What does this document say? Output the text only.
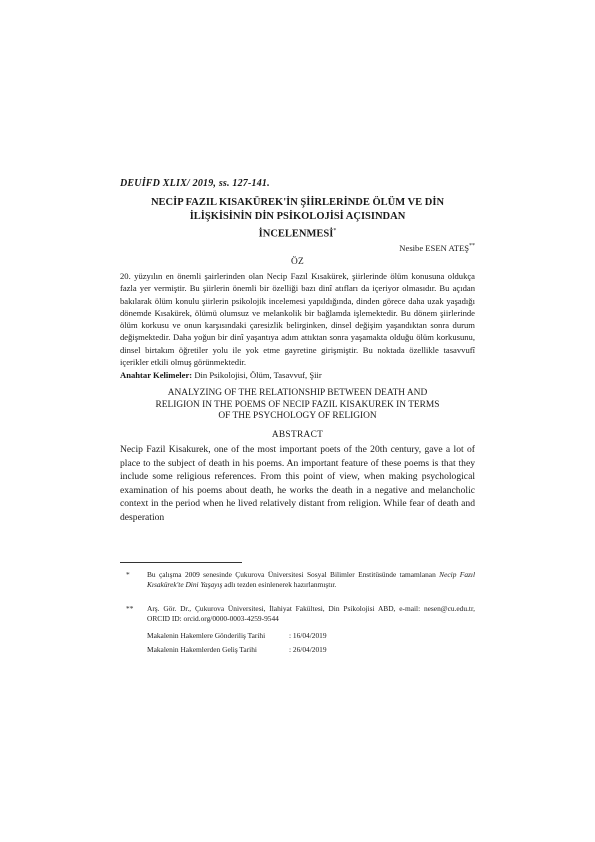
DEUİFD XLIX/ 2019, ss. 127-141.
NECİP FAZIL KISAKÜREK'İN ŞİİRLERİNDE ÖLÜM VE DİN
İLİŞKİSİNİN DİN PSİKOLOJİSİ AÇISINDAN
İNCELENMESİ*
Nesibe ESEN ATEŞ**
ÖZ

20. yüzyılın en önemli şairlerinden olan Necip Fazıl Kısakürek, şiirlerinde ölüm konusuna oldukça fazla yer vermiştir. Bu şiirlerin önemli bir özelliği bazı dinî atıfları da içeriyor olmasıdır. Bu açıdan bakılarak ölüm konulu şiirlerin psikolojik incelemesi yapıldığında, dinden görece daha uzak yaşadığı dönemde Kısakürek, ölümü olumsuz ve melankolik bir bağlamda işlemektedir. Bu dönem şiirlerinde ölüm korkusu ve onun karşısındaki çaresizlik belirginken, dinsel değişim yaşandıktan sonra durum değişmektedir. Daha yoğun bir dinî yaşantıya adım attıktan sonra yaşamakta olduğu ölüm korkusunu, dinsel birtakım öğretiler yolu ile yok etme gayretine girişmiştir. Bu noktada özellikle tasavvufî içerikler etkili olmuş görünmektedir.

Anahtar Kelimeler: Din Psikolojisi, Ölüm, Tasavvuf, Şiir
ANALYZING OF THE RELATIONSHIP BETWEEN DEATH AND
RELIGION IN THE POEMS OF NECIP FAZIL KISAKUREK IN TERMS
OF THE PSYCHOLOGY OF RELIGION
ABSTRACT

Necip Fazil Kisakurek, one of the most important poets of the 20th century, gave a lot of place to the subject of death in his poems. An important feature of these poems is that they include some religious references. From this point of view, when making psychological examination of his poems about death, he works the death in a negative and melancholic context in the period when he lived relatively distant from religion. While fear of death and desperation

* Bu çalışma 2009 senesinde Çukurova Üniversitesi Sosyal Bilimler Enstitüsünde tamamlanan Necip Fazıl Kısakürek'te Dini Yaşayış adlı tezden esinlenerek hazırlanmıştır.
** Arş. Gör. Dr., Çukurova Üniversitesi, İlahiyat Fakültesi, Din Psikolojisi ABD, e-mail: nesen@cu.edu.tr, ORCID ID: orcid.org/0000-0003-4259-9544
Makalenin Hakemlere Gönderiliş Tarihi	: 16/04/2019
Makalenin Hakemlerden Geliş Tarihi	: 26/04/2019
